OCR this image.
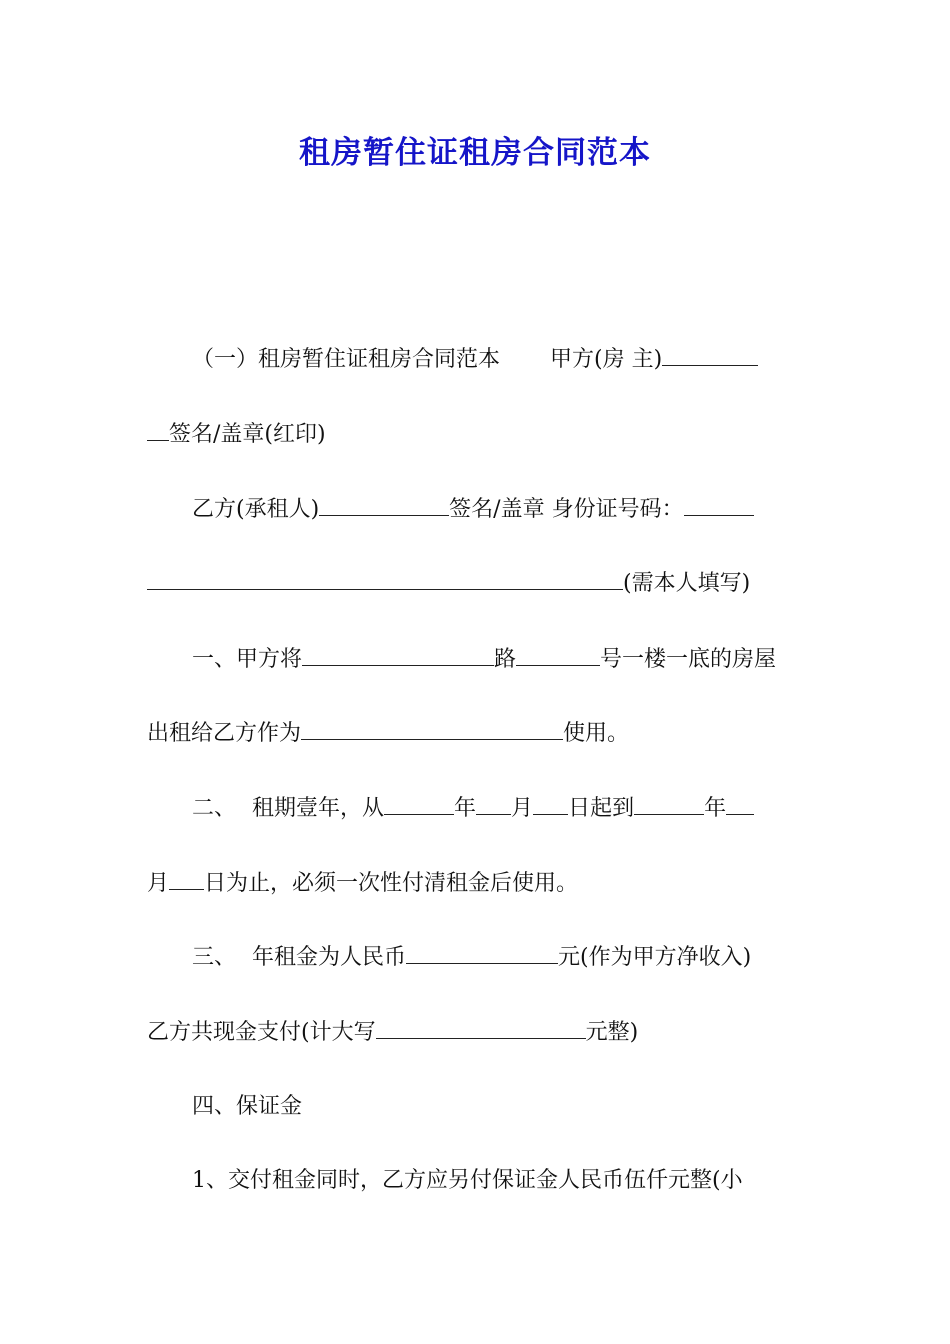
租房暂住证租房合同范本
（一）租房暂住证租房合同范本 甲方(房 主)
签名/盖章(红印)
乙方(承租人)	签名/盖章 身份证号码：
(需本人填写)
一、甲方将	路	号一楼一底的房屋
出租给乙方作为	使用。
二、 租期壹年，从	年 月 日起到	年
月 日为止，必须一次性付清租金后使用。
三、 年租金为人民币	元(作为甲方净收入)
乙方共现金支付(计大写	元整)
四、保证金
1、交付租金同时，乙方应另付保证金人民币伍仟元整(小
